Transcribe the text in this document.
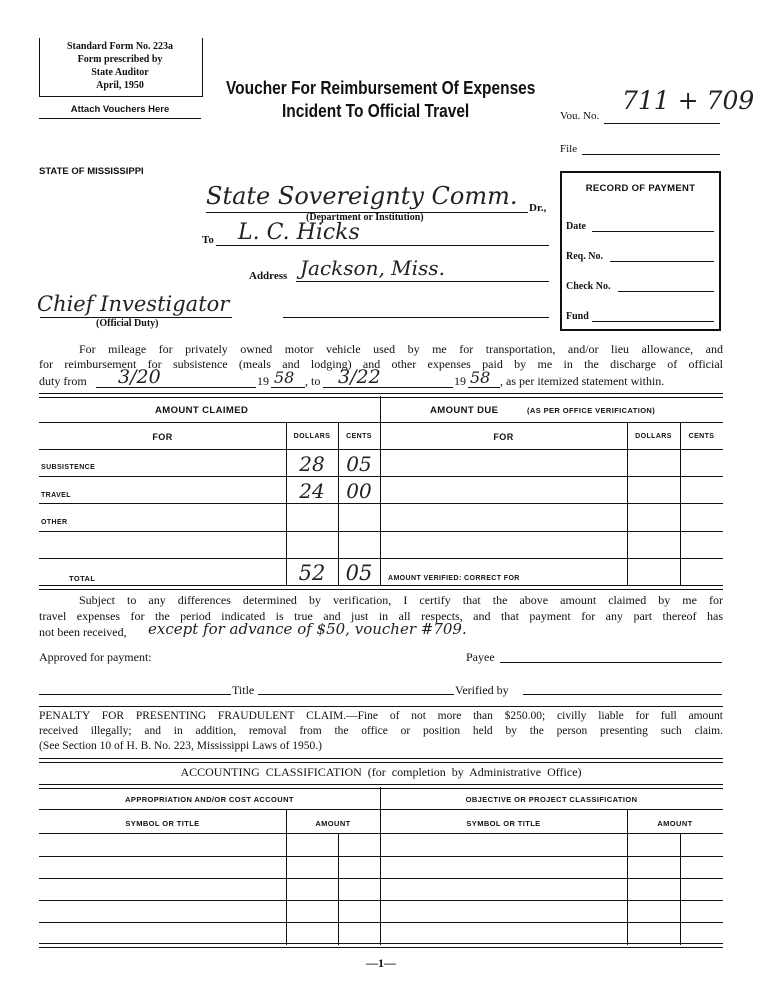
Standard Form No. 223a
Form prescribed by
State Auditor
April, 1950
Attach Vouchers Here
Voucher For Reimbursement Of Expenses
Incident To Official Travel	Vou. No.
711 + 709
File
STATE OF MISSISSIPPI
State Sovereignty Comm. Dr.,
(Department or Institution)
To L. C. Hicks
Address Jackson, Miss.
Chief Investigator
(Official Duty)
RECORD OF PAYMENT
Date
Req. No.
Check No.
Fund
For mileage for privately owned motor vehicle used by me for transportation, and/or lieu allowance, and
for reimbursement for subsistence (meals and lodging) and other expenses paid by me in the discharge of official
duty from 3/20	19 58 , to 3/22	19 58 , as per itemized statement within.
AMOUNT CLAIMED	AMOUNT DUE	(AS PER OFFICE VERIFICATION)
FOR	DOLLARS	CENTS	FOR	DOLLARS	CENTS
SUBSISTENCE	28	05
TRAVEL	24	00
OTHER
TOTAL	52 05	AMOUNT VERIFIED: CORRECT FOR
Subject to any differences determined by verification, I certify that the above amount claimed by me for
travel expenses for the period indicated is true and just in all respects, and that payment for any part thereof has
not been received, except for advance of $50, voucher #709.
Approved for payment:	Payee
Title	Verified by
PENALTY FOR PRESENTING FRAUDULENT CLAIM.—Fine of not more than $250.00; civilly liable for full amount
received illegally; and in addition, removal from the office or position held by the person presenting such claim.
(See Section 10 of H. B. No. 223, Mississippi Laws of 1950.)
ACCOUNTING CLASSIFICATION (for completion by Administrative Office)
APPROPRIATION AND/OR COST ACCOUNT	OBJECTIVE OR PROJECT CLASSIFICATION
SYMBOL OR TITLE	AMOUNT	SYMBOL OR TITLE	AMOUNT
—1—
